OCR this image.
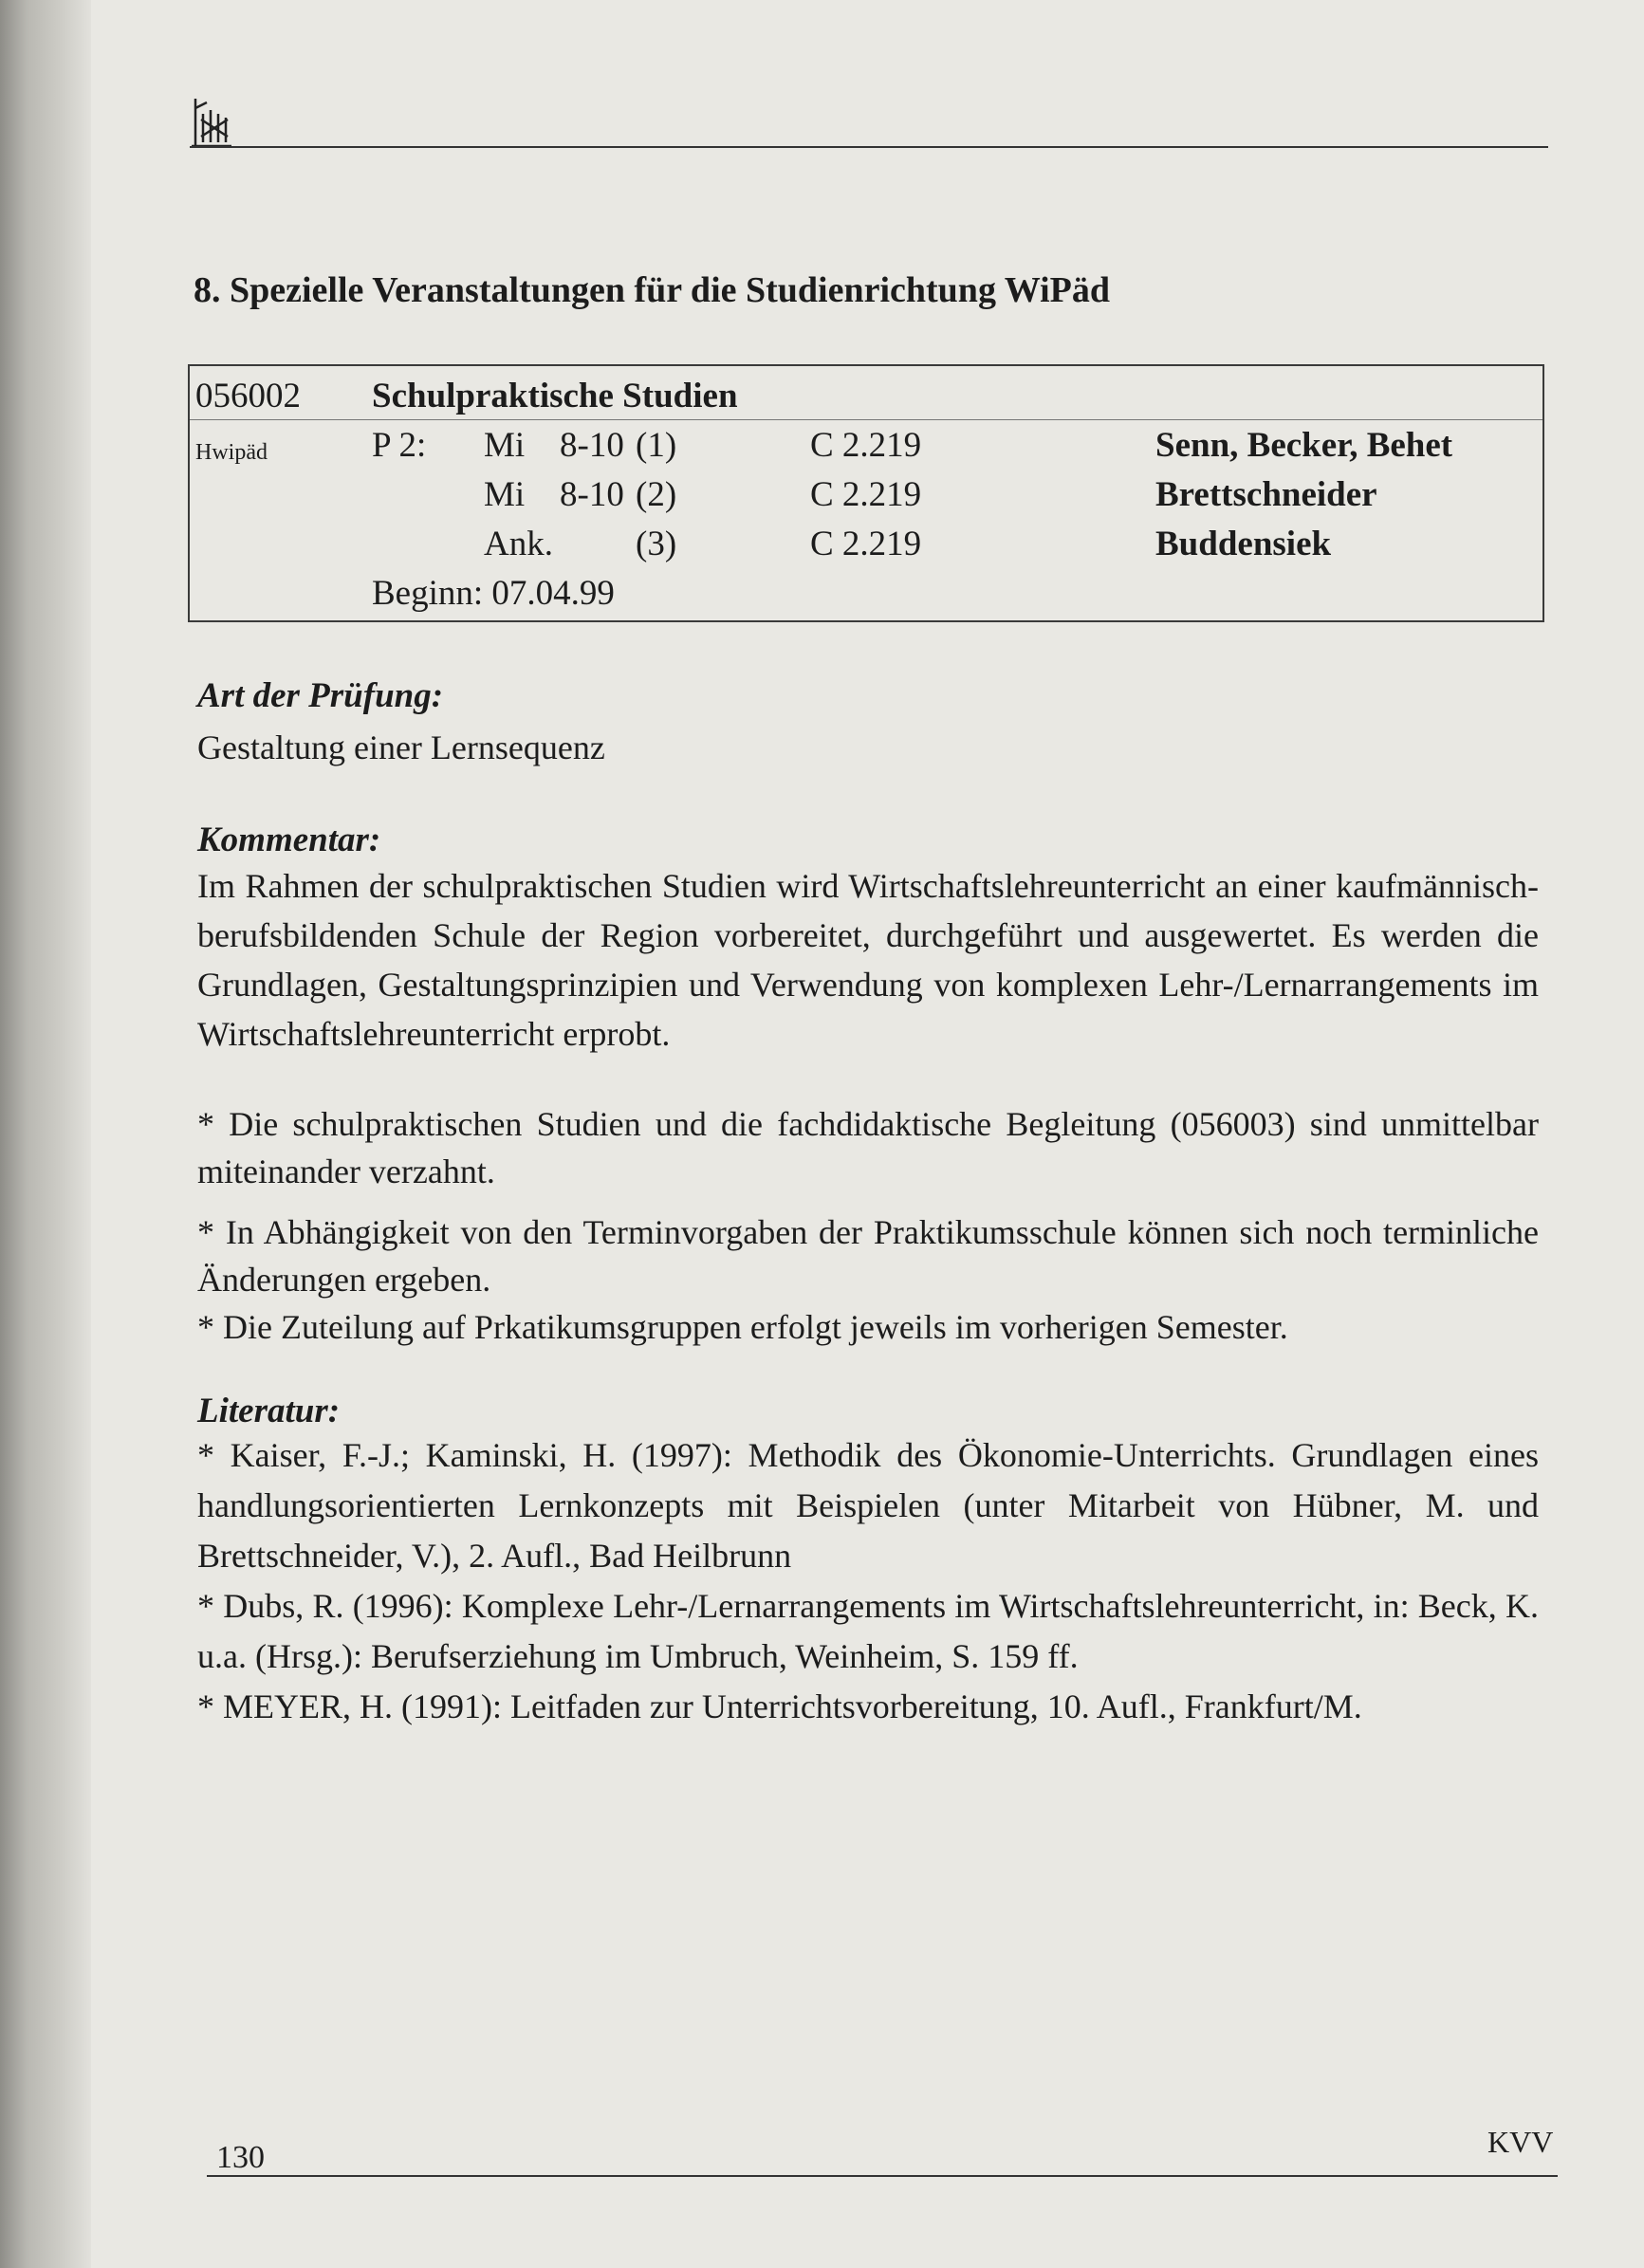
8. Spezielle Veranstaltungen für die Studienrichtung WiPäd
056002 Schulpraktische Studien
Hwipäd	P 2: Mi 8-10 (1)	C 2.219	Senn, Becker, Behet
Mi 8-10 (2)	C 2.219	Brettschneider
Ank. (3)	C 2.219	Buddensiek
Beginn: 07.04.99
Art der Prüfung:
Gestaltung einer Lernsequenz
Kommentar:
Im Rahmen der schulpraktischen Studien wird Wirtschaftslehreunterricht an einer kaufmännisch-berufsbildenden Schule der Region vorbereitet, durchgeführt und ausgewertet. Es werden die Grundlagen, Gestaltungsprinzipien und Verwendung von komplexen Lehr-/Lernarrangements im Wirtschaftslehreunterricht erprobt.
* Die schulpraktischen Studien und die fachdidaktische Begleitung (056003) sind unmittelbar miteinander verzahnt.
* In Abhängigkeit von den Terminvorgaben der Praktikumsschule können sich noch terminliche Änderungen ergeben.
* Die Zuteilung auf Prkatikumsgruppen erfolgt jeweils im vorherigen Semester.
Literatur:
* Kaiser, F.-J.; Kaminski, H. (1997): Methodik des Ökonomie-Unterrichts. Grundlagen eines handlungsorientierten Lernkonzepts mit Beispielen (unter Mitarbeit von Hübner, M. und Brettschneider, V.), 2. Aufl., Bad Heilbrunn
* Dubs, R. (1996): Komplexe Lehr-/Lernarrangements im Wirtschaftslehreunterricht, in: Beck, K. u.a. (Hrsg.): Berufserziehung im Umbruch, Weinheim, S. 159 ff.
* MEYER, H. (1991): Leitfaden zur Unterrichtsvorbereitung, 10. Aufl., Frankfurt/M.
KVV
130
